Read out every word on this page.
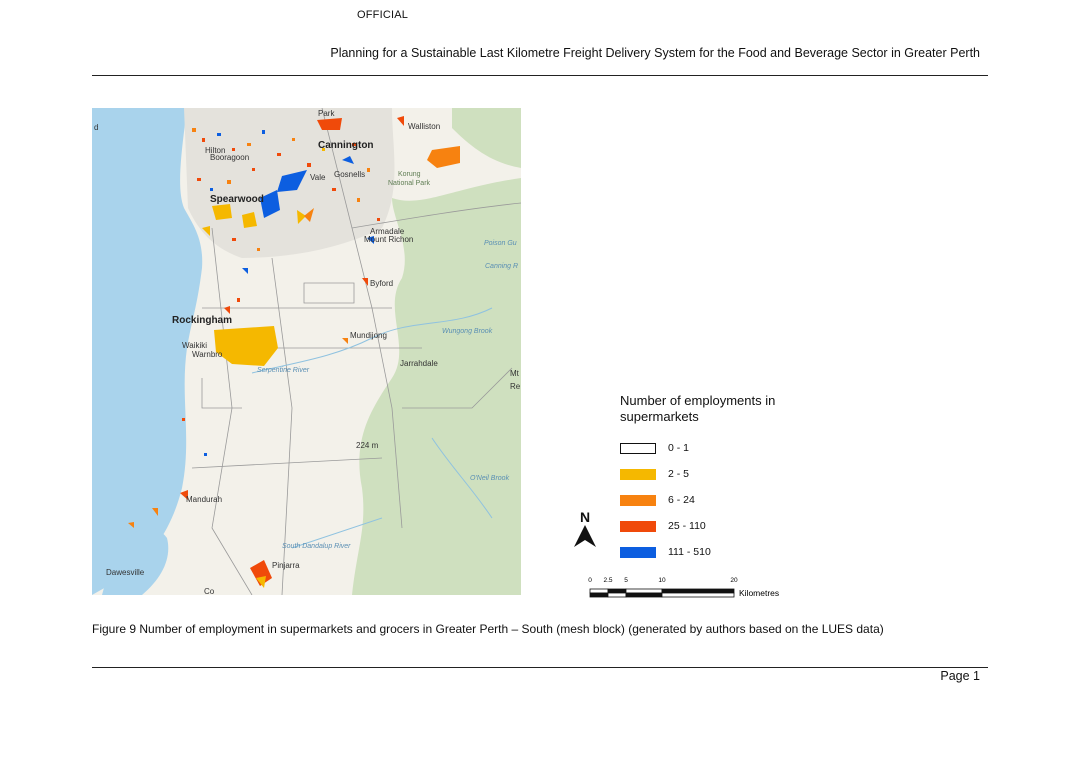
OFFICIAL
Planning for a Sustainable Last Kilometre Freight Delivery System for the Food and Beverage Sector in Greater Perth
Walliston
Cannington
Hilton
Booragoon
Gosnells	Korung
National Park
Spearwood
Armadale
Mount Richon
Byford
Rockingham
Mundijong
Waikiki
Warnbro
Jarrahdale
Serpentine River
224 m
Mandurah
O'Neil Brook
South Dandalup River
Dawesville
Pinjarra
Canning R
Wungong Brook
d
Mt
Re
Co
Park
Vale
Poison Gu
Number of employments in supermarkets
0 - 1
2 - 5
6 - 24
25 - 110
111 - 510
N
0 2.5 5	10	20
Kilometres
Figure 9 Number of employment in supermarkets and grocers in Greater Perth – South (mesh block) (generated by authors based on the LUES data)
Page 1
